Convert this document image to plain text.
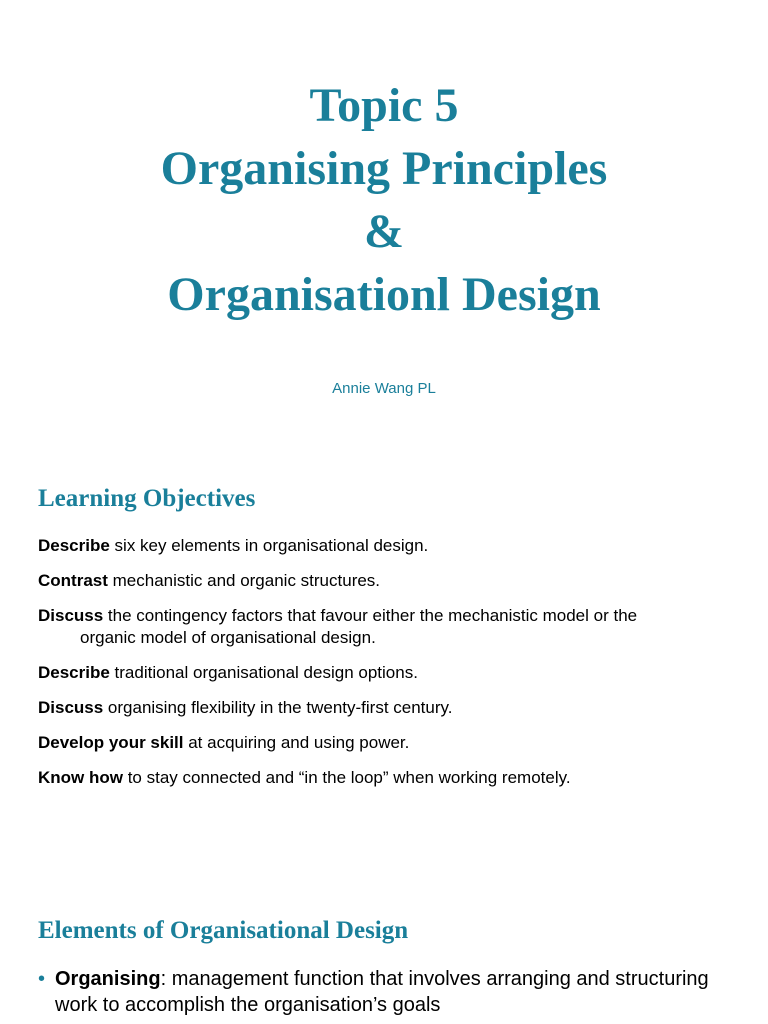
Topic 5
Organising Principles
&
Organisationl Design
Annie Wang PL
Learning Objectives
Describe six key elements in organisational design.
Contrast mechanistic and organic structures.
Discuss the contingency factors that favour either the mechanistic model or the
organic model of organisational design.
Describe traditional organisational design options.
Discuss organising flexibility in the twenty-first century.
Develop your skill at acquiring and using power.
Know how to stay connected and “in the loop” when working remotely.
Elements of Organisational Design
• Organising: management function that involves arranging and structuring work to accomplish the organisation’s goals
